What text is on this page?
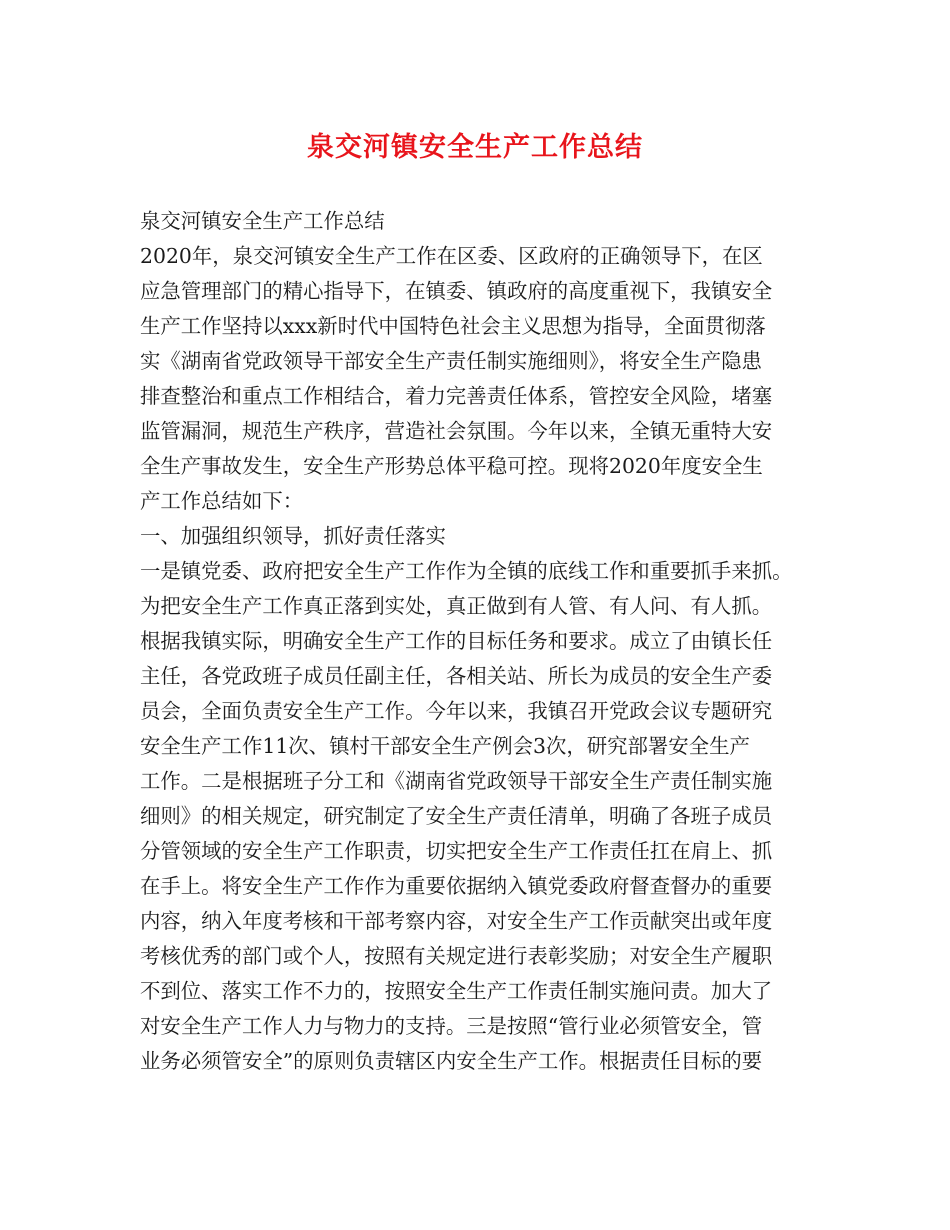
泉交河镇安全生产工作总结
泉交河镇安全生产工作总结
2020年，泉交河镇安全生产工作在区委、区政府的正确领导下，在区
应急管理部门的精心指导下，在镇委、镇政府的高度重视下，我镇安全
生产工作坚持以xxx新时代中国特色社会主义思想为指导，全面贯彻落
实《湖南省党政领导干部安全生产责任制实施细则》，将安全生产隐患
排查整治和重点工作相结合，着力完善责任体系，管控安全风险，堵塞
监管漏洞，规范生产秩序，营造社会氛围。今年以来，全镇无重特大安
全生产事故发生，安全生产形势总体平稳可控。现将2020年度安全生
产工作总结如下：
一、加强组织领导，抓好责任落实
一是镇党委、政府把安全生产工作作为全镇的底线工作和重要抓手来抓。
为把安全生产工作真正落到实处，真正做到有人管、有人问、有人抓。
根据我镇实际，明确安全生产工作的目标任务和要求。成立了由镇长任
主任，各党政班子成员任副主任，各相关站、所长为成员的安全生产委
员会，全面负责安全生产工作。今年以来，我镇召开党政会议专题研究
安全生产工作11次、镇村干部安全生产例会3次，研究部署安全生产
工作。二是根据班子分工和《湖南省党政领导干部安全生产责任制实施
细则》的相关规定，研究制定了安全生产责任清单，明确了各班子成员
分管领域的安全生产工作职责，切实把安全生产工作责任扛在肩上、抓
在手上。将安全生产工作作为重要依据纳入镇党委政府督查督办的重要
内容，纳入年度考核和干部考察内容，对安全生产工作贡献突出或年度
考核优秀的部门或个人，按照有关规定进行表彰奖励；对安全生产履职
不到位、落实工作不力的，按照安全生产工作责任制实施问责。加大了
对安全生产工作人力与物力的支持。三是按照“管行业必须管安全，管
业务必须管安全”的原则负责辖区内安全生产工作。根据责任目标的要
